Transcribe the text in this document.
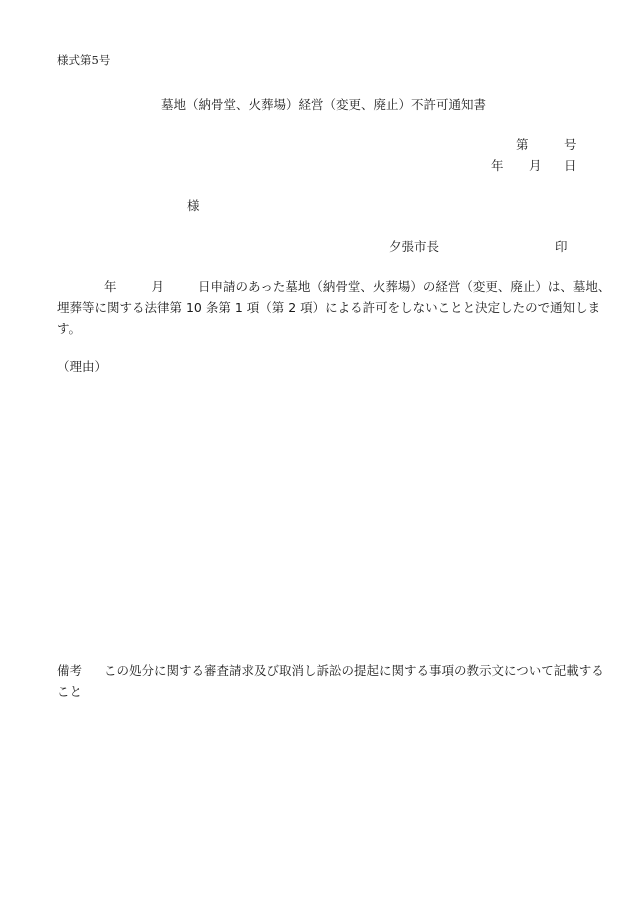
様式第5号
墓地（納骨堂、火葬場）経営（変更、廃止）不許可通知書
第	号
年 月 日
様
夕張市長	印
年	月	日申請のあった墓地（納骨堂、火葬場）の経営（変更、廃止）は、墓地、
埋葬等に関する法律第 10 条第 1 項（第 2 項）による許可をしないことと決定したので通知しま
す。
（理由）
備考 この処分に関する審査請求及び取消し訴訟の提起に関する事項の教示文について記載する
こと
